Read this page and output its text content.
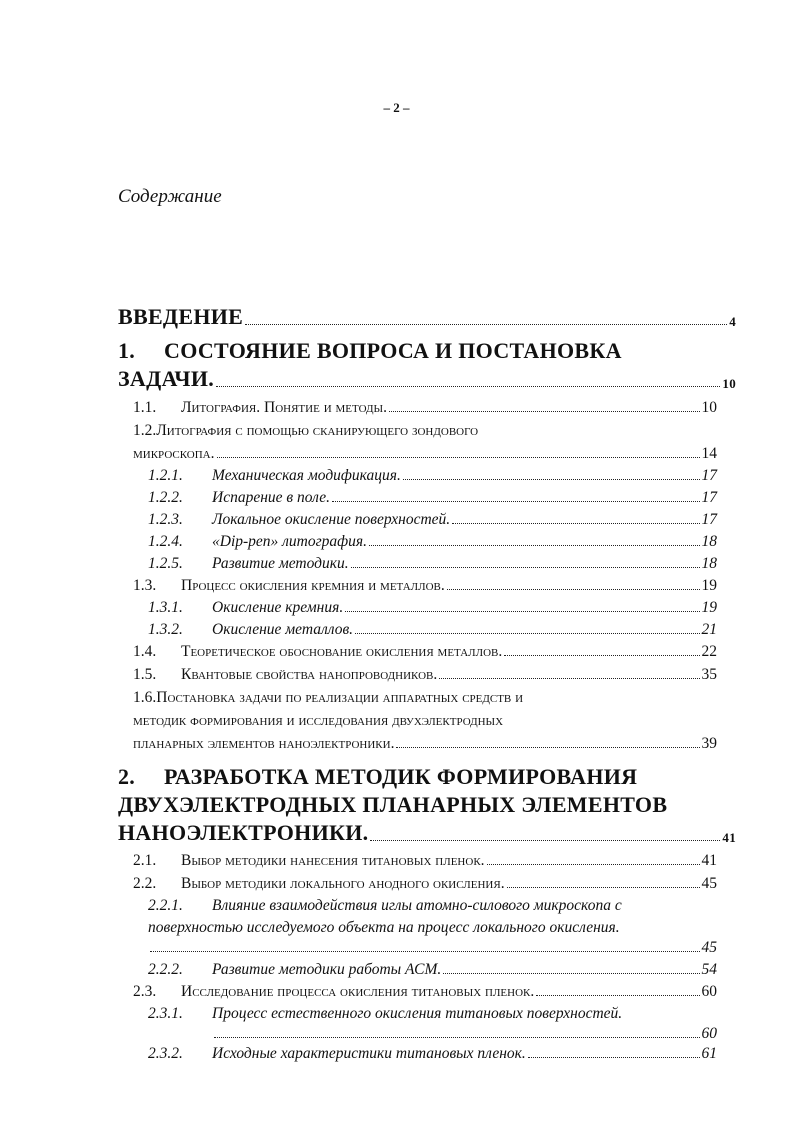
– 2 –
Содержание
ВВЕДЕНИЕ	4
1. СОСТОЯНИЕ ВОПРОСА И ПОСТАНОВКА
ЗАДАЧИ.	10
1.1.	Литография. Понятие и методы.	10
1.2.Литография с помощью сканирующего зондового
микроскопа.	14
1.2.1.	Механическая модификация.	17
1.2.2.	Испарение в поле.	17
1.2.3.	Локальное окисление поверхностей.	17
1.2.4.	«Dip-pen» литография.	18
1.2.5.	Развитие методики.	18
1.3.	Процесс окисления кремния и металлов.	19
1.3.1.	Окисление кремния.	19
1.3.2.	Окисление металлов.	21
1.4.	Теоретическое обоснование окисления металлов.	22
1.5.	Квантовые свойства нанопроводников.	35
1.6.Постановка задачи по реализации аппаратных средств и
методик формирования и исследования двухэлектродных
планарных элементов наноэлектроники.	39
2. РАЗРАБОТКА МЕТОДИК ФОРМИРОВАНИЯ
ДВУХЭЛЕКТРОДНЫХ ПЛАНАРНЫХ ЭЛЕМЕНТОВ
НАНОЭЛЕКТРОНИКИ.	41
2.1.	Выбор методики нанесения титановых пленок.	41
2.2.	Выбор методики локального анодного окисления.	45
2.2.1. Влияние взаимодействия иглы атомно-силового микроскопа с
поверхностью исследуемого объекта на процесс локального окисления.
45
2.2.2.	Развитие методики работы АСМ.	54
2.3.	Исследование процесса окисления титановых пленок.	60
2.3.1. Процесс естественного окисления титановых поверхностей.
60
2.3.2.	Исходные характеристики титановых пленок.	61
